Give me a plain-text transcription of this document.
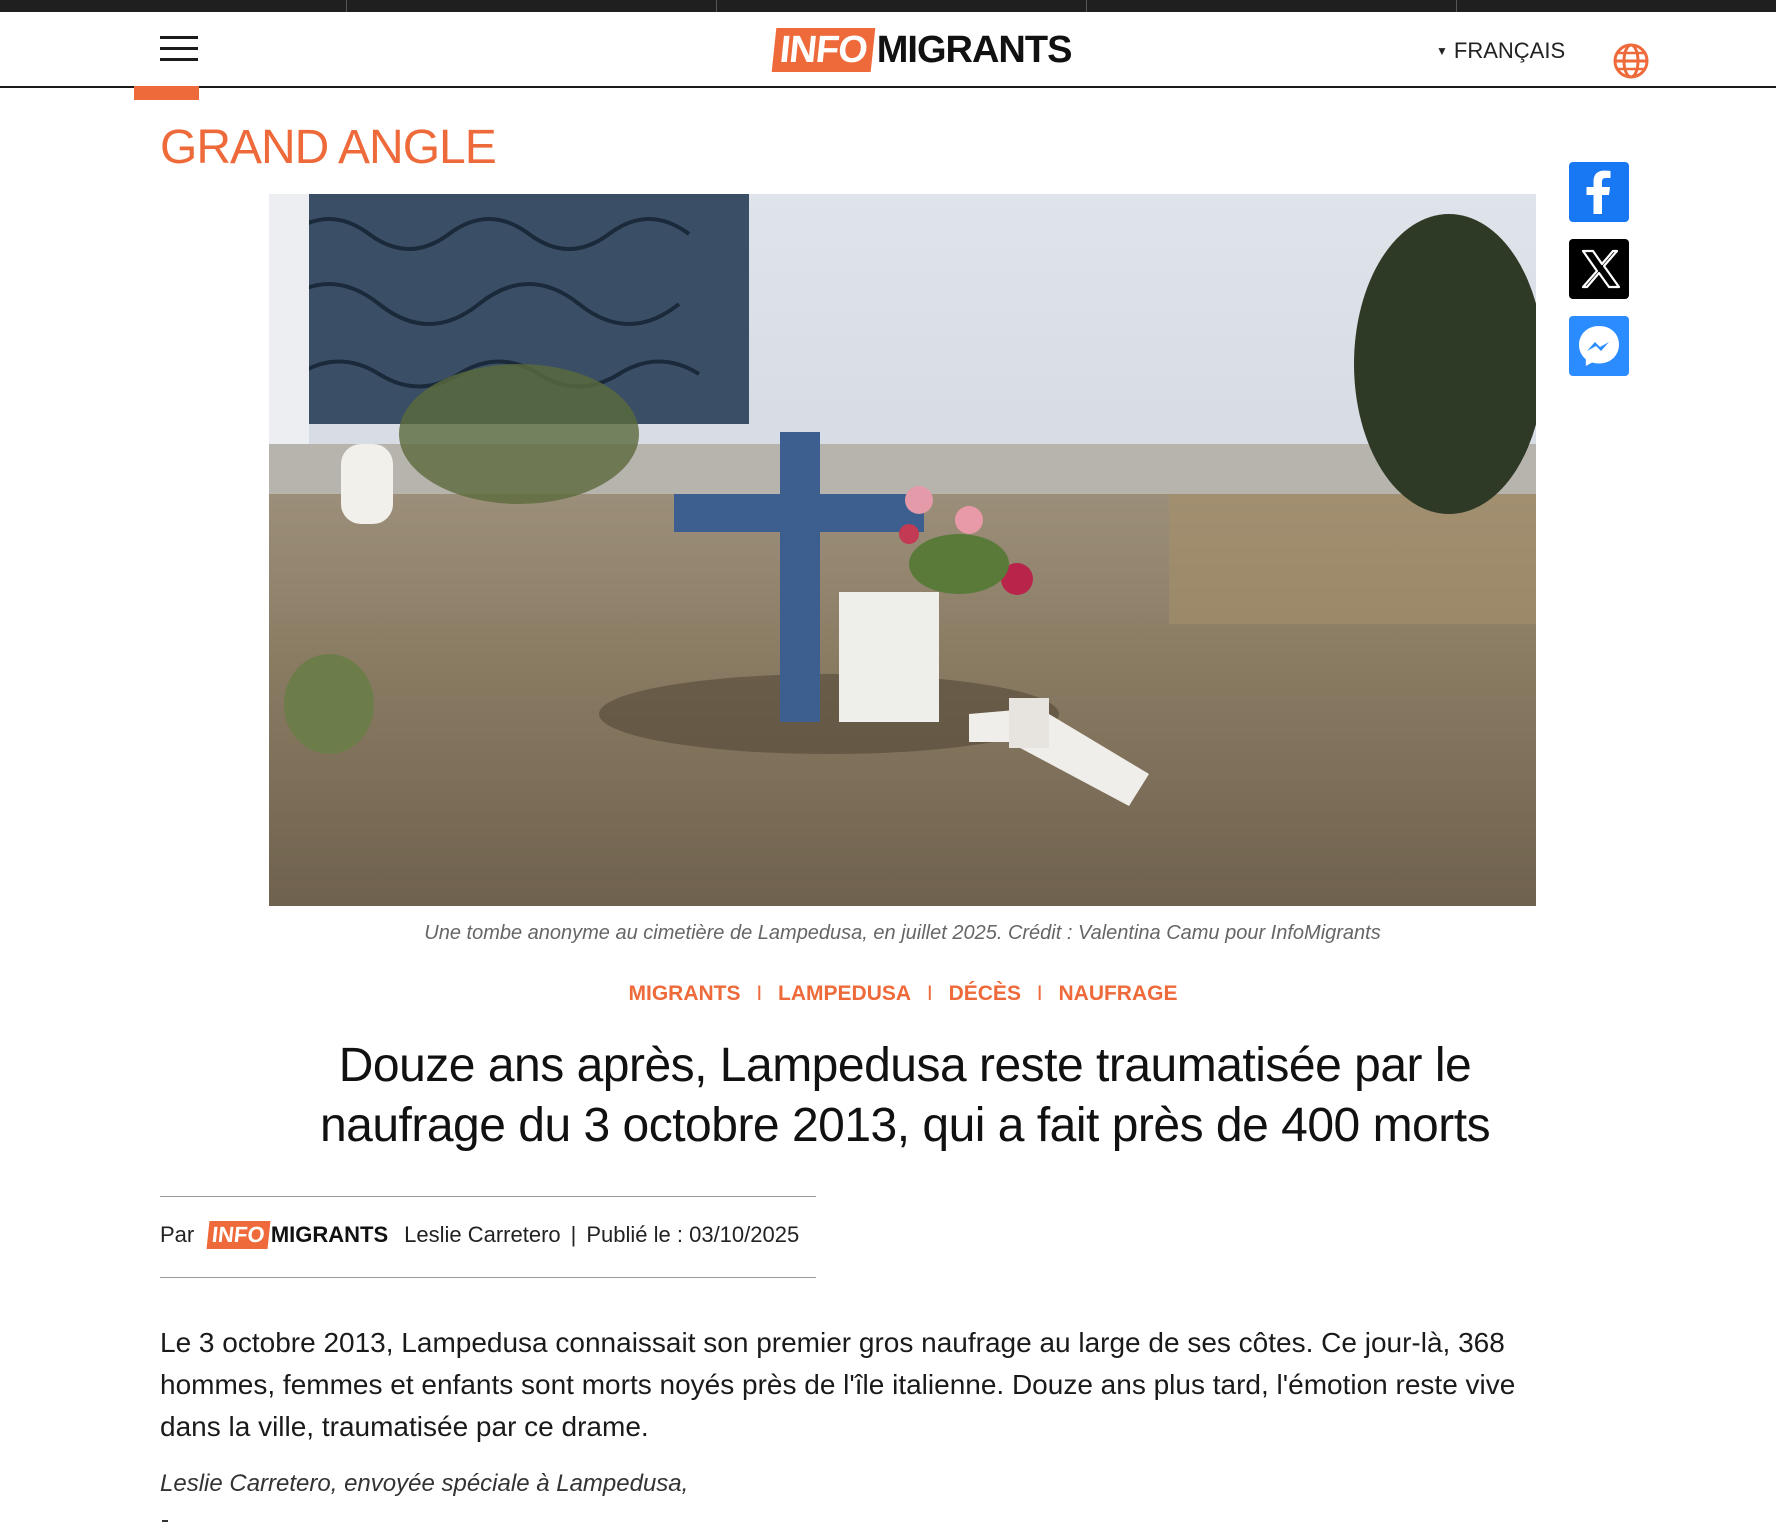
INFO MIGRANTS	▼ FRANÇAIS
GRAND ANGLE
Une tombe anonyme au cimetière de Lampedusa, en juillet 2025. Crédit : Valentina Camu pour InfoMigrants
MIGRANTS I LAMPEDUSA I DÉCÈS I NAUFRAGE
Douze ans après, Lampedusa reste traumatisée par le naufrage du 3 octobre 2013, qui a fait près de 400 morts
Par INFO MIGRANTS Leslie Carretero | Publié le : 03/10/2025

Le 3 octobre 2013, Lampedusa connaissait son premier gros naufrage au large de ses côtes. Ce jour-là, 368 hommes, femmes et enfants sont morts noyés près de l'île italienne. Douze ans plus tard, l'émotion reste vive dans la ville, traumatisée par ce drame.

Leslie Carretero, envoyée spéciale à Lampedusa,
